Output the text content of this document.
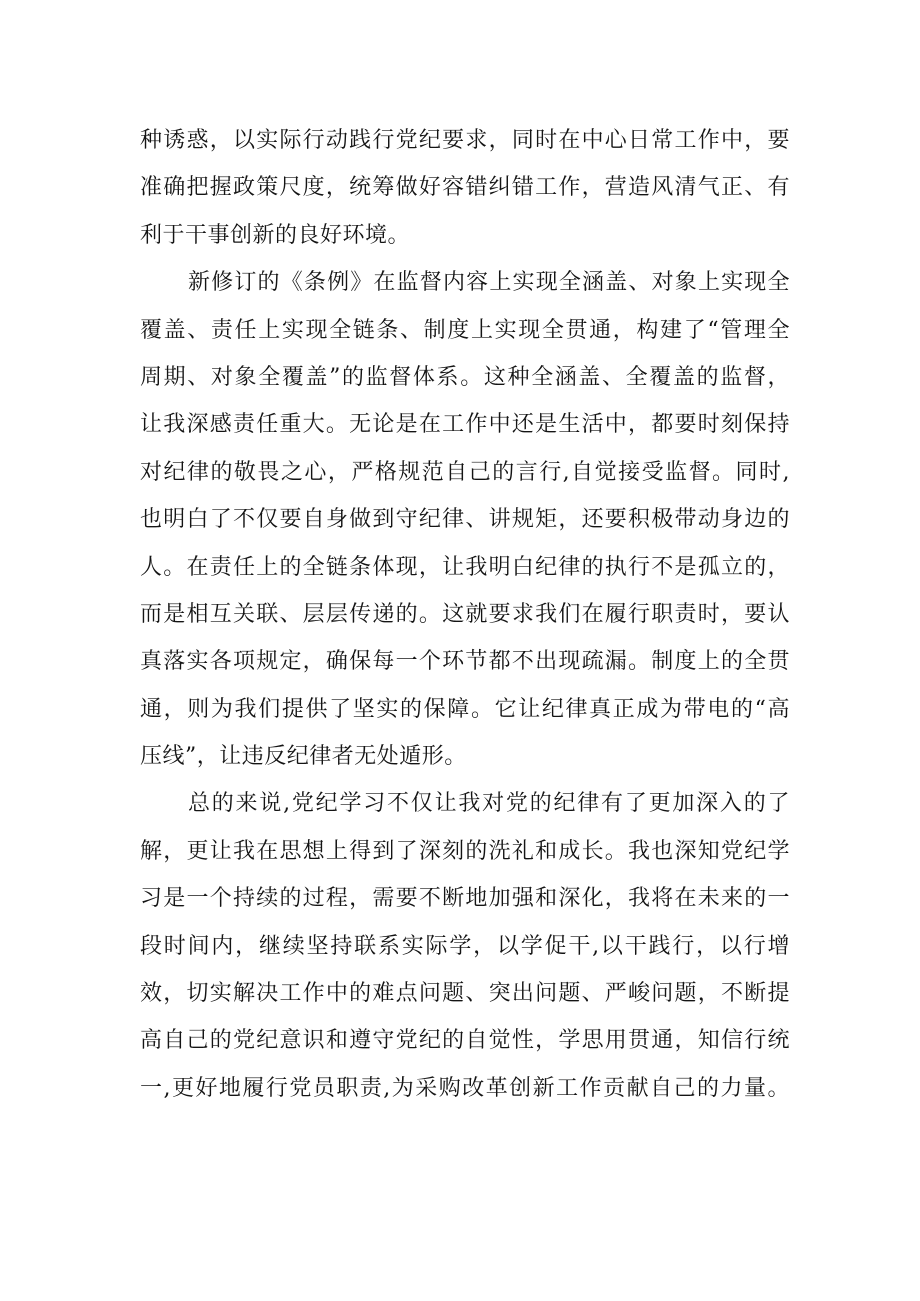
种诱惑，以实际行动践行党纪要求，同时在中心日常工作中，要
准确把握政策尺度，统筹做好容错纠错工作，营造风清气正、有
利于干事创新的良好环境。
新修订的《条例》在监督内容上实现全涵盖、对象上实现全
覆盖、责任上实现全链条、制度上实现全贯通，构建了“管理全
周期、对象全覆盖”的监督体系。这种全涵盖、全覆盖的监督，
让我深感责任重大。无论是在工作中还是生活中，都要时刻保持
对纪律的敬畏之心，严格规范自己的言行,自觉接受监督。同时,
也明白了不仅要自身做到守纪律、讲规矩，还要积极带动身边的
人。在责任上的全链条体现，让我明白纪律的执行不是孤立的，
而是相互关联、层层传递的。这就要求我们在履行职责时，要认
真落实各项规定，确保每一个环节都不出现疏漏。制度上的全贯
通，则为我们提供了坚实的保障。它让纪律真正成为带电的“高
压线”，让违反纪律者无处遁形。
总的来说,党纪学习不仅让我对党的纪律有了更加深入的了
解，更让我在思想上得到了深刻的洗礼和成长。我也深知党纪学
习是一个持续的过程，需要不断地加强和深化，我将在未来的一
段时间内，继续坚持联系实际学，以学促干,以干践行，以行增
效，切实解决工作中的难点问题、突出问题、严峻问题，不断提
高自己的党纪意识和遵守党纪的自觉性，学思用贯通，知信行统
一,更好地履行党员职责,为采购改革创新工作贡献自己的力量。
